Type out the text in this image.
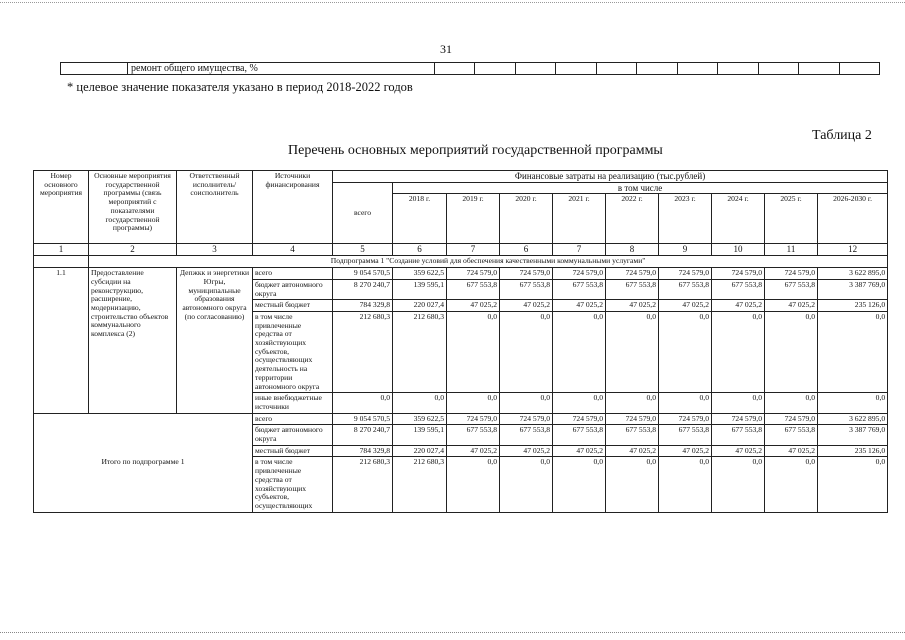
31
	ремонт общего имущества, %											
* целевое значение показателя указано в период 2018-2022 годов
Таблица 2
Перечень основных мероприятий государственной программы
Номер основного мероприятия	Основные мероприятия государственной программы (связь мероприятий с показателями государственной программы)	Ответственный исполнитель/ соисполнитель	Источники финансирования	Финансовые затраты на реализацию (тыс.рублей)									
				всего	в том числе								
					2018 г.	2019 г.	2020 г.	2021 г.	2022 г.	2023 г.	2024 г.	2025 г.	2026-2030 г.
1	2	3	4	5	6	7	6	7	8	9	10	11	12
	Подпрограмма 1 "Создание условий для обеспечения качественными коммунальными услугами"												
1.1	Предоставление субсидии на реконструкцию, расширение, модернизацию, строительство объектов коммунального комплекса (2)	Депжкк и энергетики Югры, муниципальные образования автономного округа (по согласованию)	всего	9 054 570,5	359 622,5	724 579,0	724 579,0	724 579,0	724 579,0	724 579,0	724 579,0	724 579,0	3 622 895,0
			бюджет автономного округа	8 270 240,7	139 595,1	677 553,8	677 553,8	677 553,8	677 553,8	677 553,8	677 553,8	677 553,8	3 387 769,0
			местный бюджет	784 329,8	220 027,4	47 025,2	47 025,2	47 025,2	47 025,2	47 025,2	47 025,2	47 025,2	235 126,0
			в том числе привлеченные средства от хозяйствующих субъектов, осуществляющих деятельность на территории автономного округа	212 680,3	212 680,3	0,0	0,0	0,0	0,0	0,0	0,0	0,0	0,0
			иные внебюджетные источники	0,0	0,0	0,0	0,0	0,0	0,0	0,0	0,0	0,0	0,0
Итого по подпрограмме 1			всего	9 054 570,5	359 622,5	724 579,0	724 579,0	724 579,0	724 579,0	724 579,0	724 579,0	724 579,0	3 622 895,0
			бюджет автономного округа	8 270 240,7	139 595,1	677 553,8	677 553,8	677 553,8	677 553,8	677 553,8	677 553,8	677 553,8	3 387 769,0
			местный бюджет	784 329,8	220 027,4	47 025,2	47 025,2	47 025,2	47 025,2	47 025,2	47 025,2	47 025,2	235 126,0
			в том числе привлеченные средства от хозяйствующих субъектов, осуществляющих	212 680,3	212 680,3	0,0	0,0	0,0	0,0	0,0	0,0	0,0	0,0
